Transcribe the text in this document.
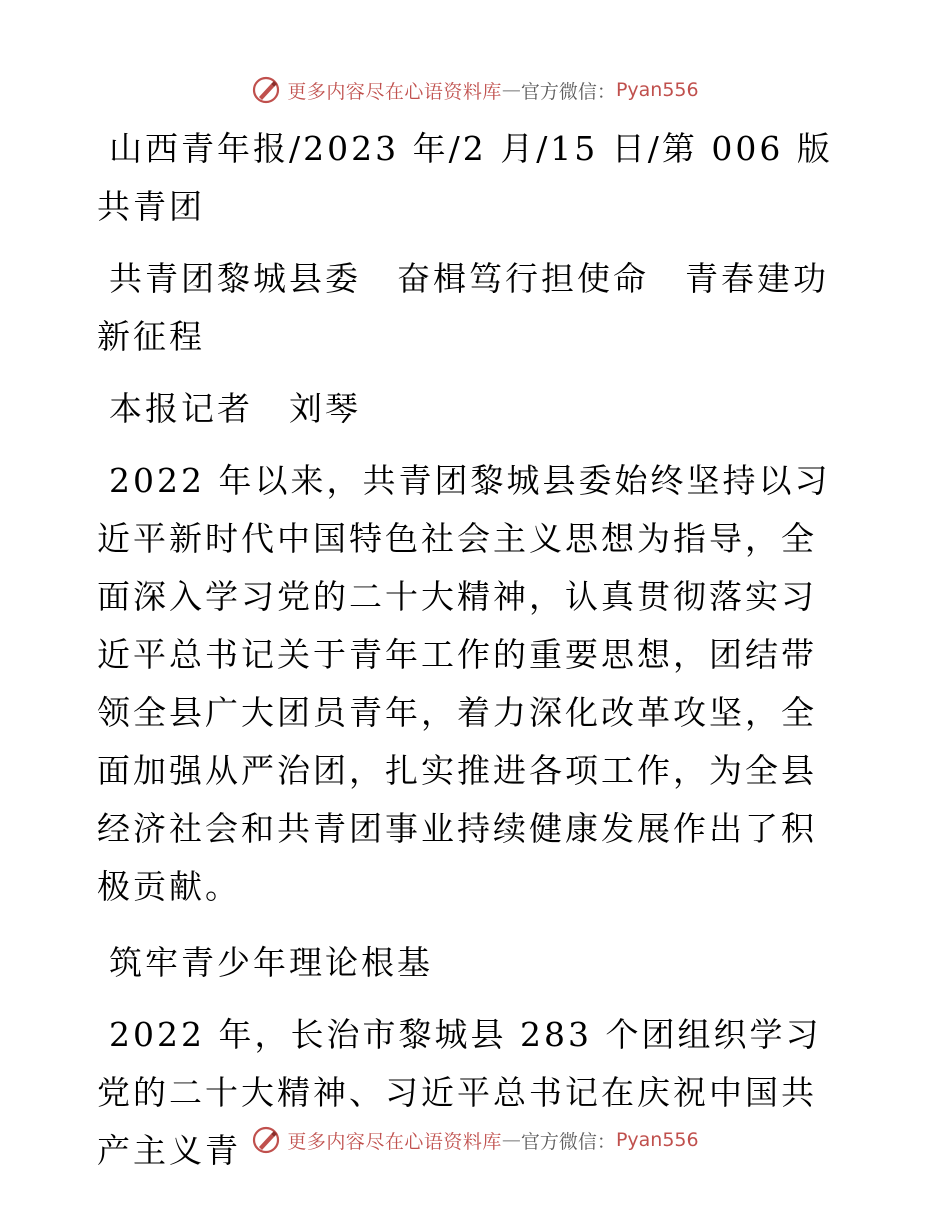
更多内容尽在心语资料库 — 官方微信： Pyan556

山西青年报/2023 年/2 月/15 日/第 006 版共青团

共青团黎城县委　奋楫笃行担使命　青春建功新征程

本报记者　刘琴

2022 年以来，共青团黎城县委始终坚持以习近平新时代中国特色社会主义思想为指导，全面深入学习党的二十大精神，认真贯彻落实习近平总书记关于青年工作的重要思想，团结带领全县广大团员青年，着力深化改革攻坚，全面加强从严治团，扎实推进各项工作，为全县经济社会和共青团事业持续健康发展作出了积极贡献。

筑牢青少年理论根基

2022 年，长治市黎城县 283 个团组织学习党的二十大精神、习近平总书记在庆祝中国共产主义青	更多内容尽在心语资料库 — 官方微信： Pyan556
